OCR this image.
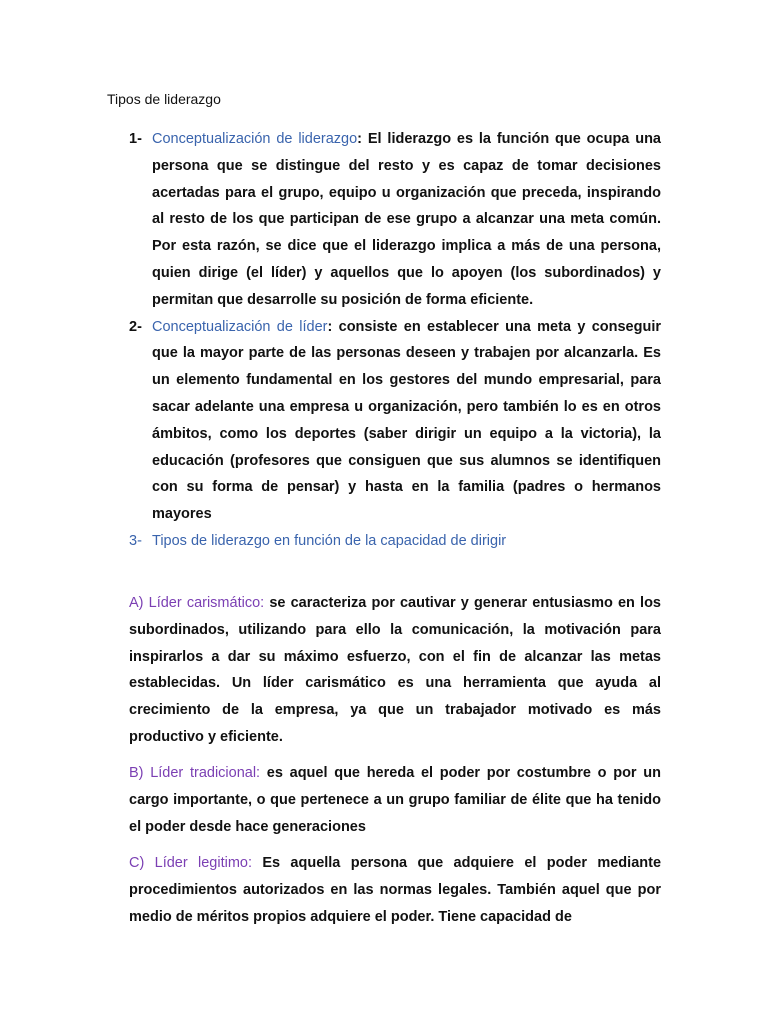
Tipos de liderazgo
1- Conceptualización de liderazgo: El liderazgo es la función que ocupa una persona que se distingue del resto y es capaz de tomar decisiones acertadas para el grupo, equipo u organización que preceda, inspirando al resto de los que participan de ese grupo a alcanzar una meta común. Por esta razón, se dice que el liderazgo implica a más de una persona, quien dirige (el líder) y aquellos que lo apoyen (los subordinados) y permitan que desarrolle su posición de forma eficiente.
2- Conceptualización de líder: consiste en establecer una meta y conseguir que la mayor parte de las personas deseen y trabajen por alcanzarla. Es un elemento fundamental en los gestores del mundo empresarial, para sacar adelante una empresa u organización, pero también lo es en otros ámbitos, como los deportes (saber dirigir un equipo a la victoria), la educación (profesores que consiguen que sus alumnos se identifiquen con su forma de pensar) y hasta en la familia (padres o hermanos mayores
3- Tipos de liderazgo en función de la capacidad de dirigir
A) Líder carismático: se caracteriza por cautivar y generar entusiasmo en los subordinados, utilizando para ello la comunicación, la motivación para inspirarlos a dar su máximo esfuerzo, con el fin de alcanzar las metas establecidas. Un líder carismático es una herramienta que ayuda al crecimiento de la empresa, ya que un trabajador motivado es más productivo y eficiente.
B) Líder tradicional: es aquel que hereda el poder por costumbre o por un cargo importante, o que pertenece a un grupo familiar de élite que ha tenido el poder desde hace generaciones
C) Líder legitimo: Es aquella persona que adquiere el poder mediante procedimientos autorizados en las normas legales. También aquel que por medio de méritos propios adquiere el poder. Tiene capacidad de
